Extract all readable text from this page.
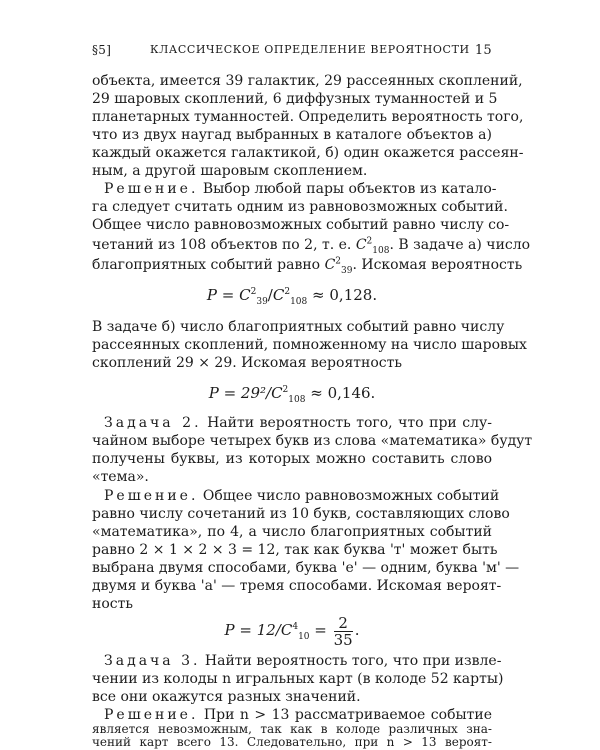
§5]	КЛАССИЧЕСКОЕ ОПРЕДЕЛЕНИЕ ВЕРОЯТНОСТИ 15
объекта, имеется 39 галактик, 29 рассеянных скоплений,
29 шаровых скоплений, 6 диффузных туманностей и 5
планетарных туманностей. Определить вероятность того,
что из двух наугад выбранных в каталоге объектов а)
каждый окажется галактикой, б) один окажется рассеян-
ным, а другой шаровым скоплением.
Решение. Выбор любой пары объектов из катало-
га следует считать одним из равновозможных событий.
Общее число равновозможных событий равно числу со-
четаний из 108 объектов по 2, т. е. $C^2_{108}$. В задаче а) число
благоприятных событий равно $C^2_{39}$. Искомая вероятность
$P = C^2_{39}/C^2_{108} \approx 0,128$.
В задаче б) число благоприятных событий равно числу
рассеянных скоплений, помноженному на число шаровых
скоплений 29 × 29. Искомая вероятность
$P = 29^2/C^2_{108} \approx 0,146$.
Задача 2. Найти вероятность того, что при слу-
чайном выборе четырех букв из слова «математика» будут
получены буквы, из которых можно составить слово
«тема».
Решение. Общее число равновозможных событий
равно числу сочетаний из 10 букв, составляющих слово
«математика», по 4, а число благоприятных событий
равно 2 × 1 × 2 × 3 = 12, так как буква 'т' может быть
выбрана двумя способами, буква 'е' — одним, буква 'м' —
двумя и буква 'а' — тремя способами. Искомая вероят-
ность
$P = 12/C^4_{10} = \frac{2}{35}$ .
Задача 3. Найти вероятность того, что при извле-
чении из колоды n игральных карт (в колоде 52 карты)
все они окажутся разных значений.
Решение. При n > 13 рассматриваемое событие
является невозможным, так как в колоде различных зна-
чений карт всего 13. Следовательно, при n > 13 вероят-
